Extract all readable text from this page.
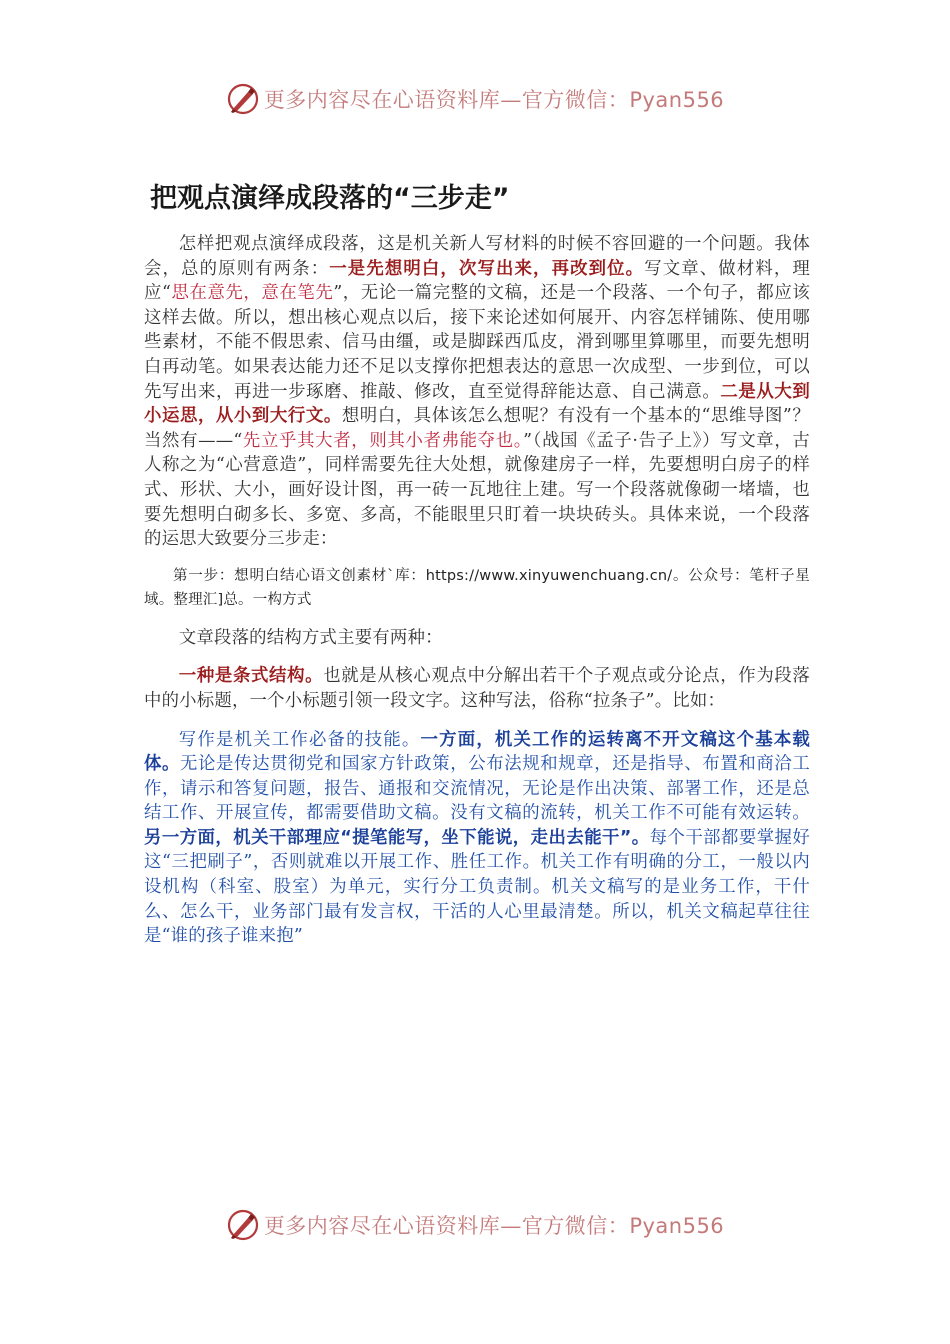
更多内容尽在心语资料库—官方微信：Pyan556
把观点演绎成段落的“三步走”

怎样把观点演绎成段落，这是机关新人写材料的时候不容回避的一个问题。我体会，总的原则有两条：一是先想明白，次写出来，再改到位。写文章、做材料，理应“思在意先，意在笔先”，无论一篇完整的文稿，还是一个段落、一个句子，都应该这样去做。所以，想出核心观点以后，接下来论述如何展开、内容怎样铺陈、使用哪些素材，不能不假思索、信马由缰，或是脚踩西瓜皮，滑到哪里算哪里，而要先想明白再动笔。如果表达能力还不足以支撑你把想表达的意思一次成型、一步到位，可以先写出来，再进一步琢磨、推敲、修改，直至觉得辞能达意、自己满意。二是从大到小运思，从小到大行文。想明白，具体该怎么想呢？有没有一个基本的“思维导图”？当然有——“先立乎其大者，则其小者弗能夺也。”（战国《孟子·告子上》）写文章，古人称之为“心营意造”，同样需要先往大处想，就像建房子一样，先要想明白房子的样式、形状、大小，画好设计图，再一砖一瓦地往上建。写一个段落就像砌一堵墙，也要先想明白砌多长、多宽、多高，不能眼里只盯着一块块砖头。具体来说，一个段落的运思大致要分三步走：

第一步：想明白结心语文创素材`库：https://www.xinyuwenchuang.cn/。公众号：笔杆子星域。整理汇]总。一构方式

文章段落的结构方式主要有两种：

一种是条式结构。也就是从核心观点中分解出若干个子观点或分论点，作为段落中的小标题，一个小标题引领一段文字。这种写法，俗称“拉条子”。比如：

写作是机关工作必备的技能。一方面，机关工作的运转离不开文稿这个基本载体。无论是传达贯彻党和国家方针政策，公布法规和规章，还是指导、布置和商洽工作，请示和答复问题，报告、通报和交流情况，无论是作出决策、部署工作，还是总结工作、开展宣传，都需要借助文稿。没有文稿的流转，机关工作不可能有效运转。另一方面，机关干部理应“提笔能写，坐下能说，走出去能干”。每个干部都要掌握好这“三把刷子”，否则就难以开展工作、胜任工作。机关工作有明确的分工，一般以内设机构（科室、股室）为单元，实行分工负责制。机关文稿写的是业务工作，干什么、怎么干，业务部门最有发言权，干活的人心里最清楚。所以，机关文稿起草往往是“谁的孩子谁来抱”

更多内容尽在心语资料库—官方微信：Pyan556
